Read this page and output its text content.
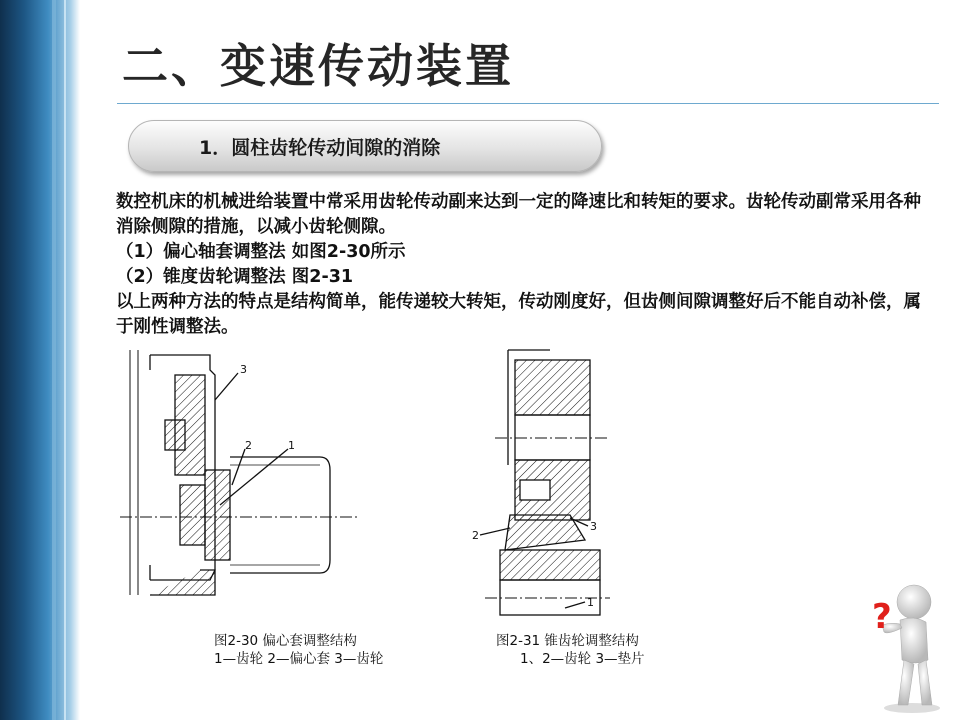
二、变速传动装置
1．圆柱齿轮传动间隙的消除

数控机床的机械进给装置中常采用齿轮传动副来达到一定的降速比和转矩的要求。齿轮传动副常采用各种消除侧隙的措施，以减小齿轮侧隙。

（1）偏心轴套调整法 如图2-30所示

（2）锥度齿轮调整法 图2-31

以上两种方法的特点是结构简单，能传递较大转矩，传动刚度好，但齿侧间隙调整好后不能自动补偿，属于刚性调整法。

3
2	1
2
3
1
图2-30 偏心套调整结构
1—齿轮 2—偏心套 3—齿轮
图2-31 锥齿轮调整结构
1、2—齿轮 3—垫片
?
